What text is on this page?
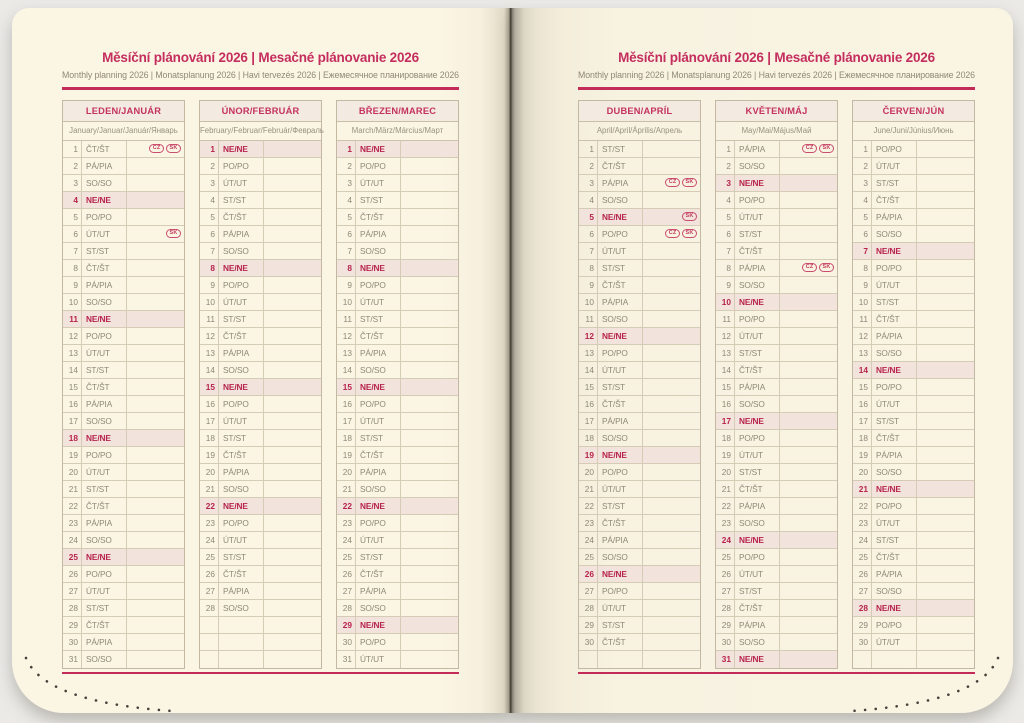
Měsíční plánování 2026 | Mesačné plánovanie 2026
Monthly planning 2026 | Monatsplanung 2026 | Havi tervezés 2026 | Ежемесячное планирование 2026
LEDEN/JANUÁR
January/Januar/Január/Январь
1 ČT/ŠT	CZ	SK
2 PÁ/PIA
3 SO/SO
4 NE/NE
5 PO/PO
6 ÚT/UT	SK
7 ST/ST
8 ČT/ŠT
9 PÁ/PIA
10 SO/SO
11 NE/NE
12 PO/PO
13 ÚT/UT
14 ST/ST
15 ČT/ŠT
16 PÁ/PIA
17 SO/SO
18 NE/NE
19 PO/PO
20 ÚT/UT
21 ST/ST
22 ČT/ŠT
23 PÁ/PIA
24 SO/SO
25 NE/NE
26 PO/PO
27 ÚT/UT
28 ST/ST
29 ČT/ŠT
30 PÁ/PIA
31 SO/SO
ÚNOR/FEBRUÁR
February/Februar/Február/Февраль
1 NE/NE
2 PO/PO
3 ÚT/UT
4 ST/ST
5 ČT/ŠT
6 PÁ/PIA
7 SO/SO
8 NE/NE
9 PO/PO
10 ÚT/UT
11 ST/ST
12 ČT/ŠT
13 PÁ/PIA
14 SO/SO
15 NE/NE
16 PO/PO
17 ÚT/UT
18 ST/ST
19 ČT/ŠT
20 PÁ/PIA
21 SO/SO
22 NE/NE
23 PO/PO
24 ÚT/UT
25 ST/ST
26 ČT/ŠT
27 PÁ/PIA
28 SO/SO
BŘEZEN/MAREC
March/März/Március/Март
1 NE/NE
2 PO/PO
3 ÚT/UT
4 ST/ST
5 ČT/ŠT
6 PÁ/PIA
7 SO/SO
8 NE/NE
9 PO/PO
10 ÚT/UT
11 ST/ST
12 ČT/ŠT
13 PÁ/PIA
14 SO/SO
15 NE/NE
16 PO/PO
17 ÚT/UT
18 ST/ST
19 ČT/ŠT
20 PÁ/PIA
21 SO/SO
22 NE/NE
23 PO/PO
24 ÚT/UT
25 ST/ST
26 ČT/ŠT
27 PÁ/PIA
28 SO/SO
29 NE/NE
30 PO/PO
31 ÚT/UT
Měsíční plánování 2026 | Mesačné plánovanie 2026
Monthly planning 2026 | Monatsplanung 2026 | Havi tervezés 2026 | Ежемесячное планирование 2026
DUBEN/APRÍL
April/April/Április/Апрель
1 ST/ST
2 ČT/ŠT
3 PÁ/PIA	CZ	SK
4 SO/SO
5 NE/NE	SK
6 PO/PO	CZ	SK
7 ÚT/UT
8 ST/ST
9 ČT/ŠT
10 PÁ/PIA
11 SO/SO
12 NE/NE
13 PO/PO
14 ÚT/UT
15 ST/ST
16 ČT/ŠT
17 PÁ/PIA
18 SO/SO
19 NE/NE
20 PO/PO
21 ÚT/UT
22 ST/ST
23 ČT/ŠT
24 PÁ/PIA
25 SO/SO
26 NE/NE
27 PO/PO
28 ÚT/UT
29 ST/ST
30 ČT/ŠT
KVĚTEN/MÁJ
May/Mai/Május/Май
1 PÁ/PIA	CZ	SK
2 SO/SO
3 NE/NE
4 PO/PO
5 ÚT/UT
6 ST/ST
7 ČT/ŠT
8 PÁ/PIA	CZ	SK
9 SO/SO
10 NE/NE
11 PO/PO
12 ÚT/UT
13 ST/ST
14 ČT/ŠT
15 PÁ/PIA
16 SO/SO
17 NE/NE
18 PO/PO
19 ÚT/UT
20 ST/ST
21 ČT/ŠT
22 PÁ/PIA
23 SO/SO
24 NE/NE
25 PO/PO
26 ÚT/UT
27 ST/ST
28 ČT/ŠT
29 PÁ/PIA
30 SO/SO
31 NE/NE
ČERVEN/JÚN
June/Juni/Június/Июнь
1 PO/PO
2 ÚT/UT
3 ST/ST
4 ČT/ŠT
5 PÁ/PIA
6 SO/SO
7 NE/NE
8 PO/PO
9 ÚT/UT
10 ST/ST
11 ČT/ŠT
12 PÁ/PIA
13 SO/SO
14 NE/NE
15 PO/PO
16 ÚT/UT
17 ST/ST
18 ČT/ŠT
19 PÁ/PIA
20 SO/SO
21 NE/NE
22 PO/PO
23 ÚT/UT
24 ST/ST
25 ČT/ŠT
26 PÁ/PIA
27 SO/SO
28 NE/NE
29 PO/PO
30 ÚT/UT
